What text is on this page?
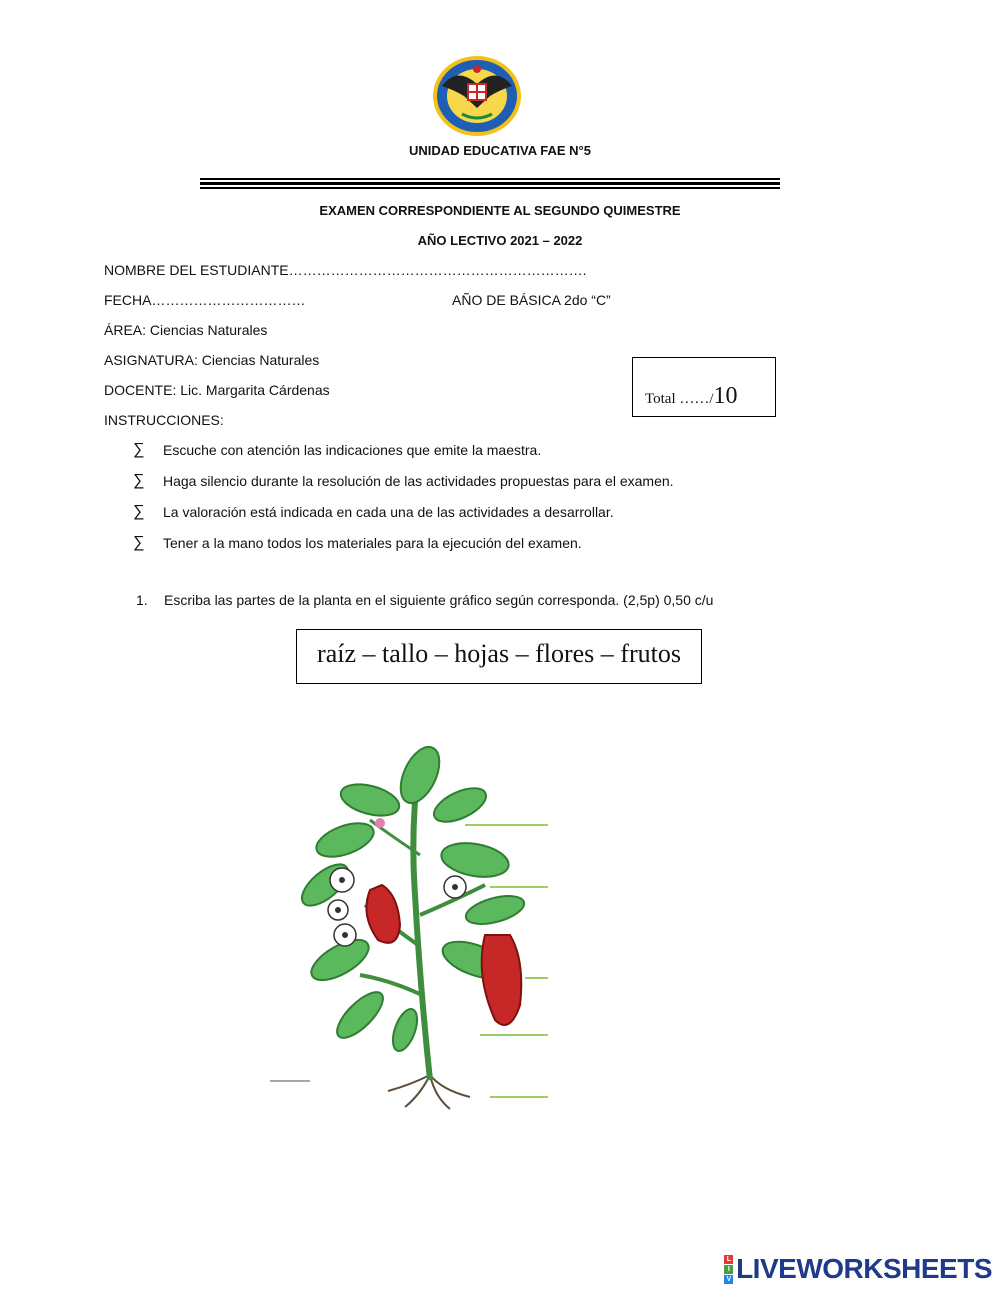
UNIDAD EDUCATIVA FAE N°5
EXAMEN CORRESPONDIENTE AL SEGUNDO QUIMESTRE
AÑO LECTIVO 2021 – 2022
NOMBRE DEL ESTUDIANTE……………………………………………………….
FECHA……………………………	AÑO DE BÁSICA 2do “C”
ÁREA: Ciencias Naturales
ASIGNATURA: Ciencias Naturales
DOCENTE: Lic. Margarita Cárdenas
INSTRUCCIONES:
Total ……/10
∑	Escuche con atención las indicaciones que emite la maestra.
∑	Haga silencio durante la resolución de las actividades propuestas para el examen.
∑	La valoración está indicada en cada una de las actividades a desarrollar.
∑	Tener a la mano todos los materiales para la ejecución del examen.
1. Escriba las partes de la planta en el siguiente gráfico según corresponda. (2,5p) 0,50 c/u
raíz – tallo – hojas – flores – frutos
L
I
V LIVEWORKSHEETS
